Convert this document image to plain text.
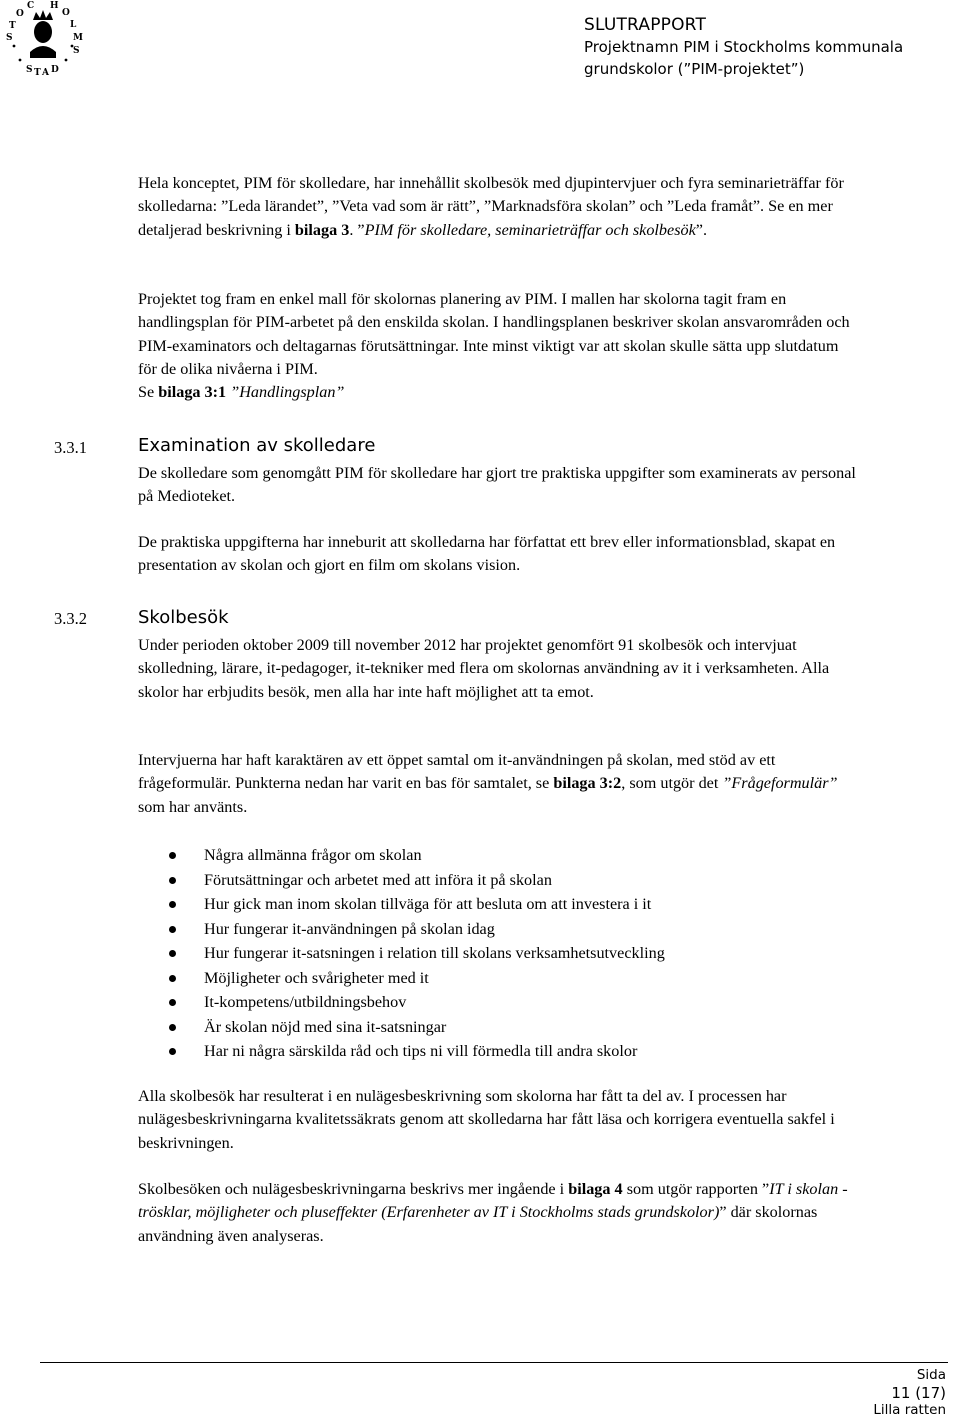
S
T
O
C H
O
L
M
S
S T A D
SLUTRAPPORT
Projektnamn PIM i Stockholms kommunala
grundskolor (”PIM-projektet”)

Hela konceptet, PIM för skolledare, har innehållit skolbesök med djupintervjuer och fyra seminarieträffar för skolledarna: ”Leda lärandet”, ”Veta vad som är rätt”, ”Marknadsföra skolan” och ”Leda framåt”. Se en mer detaljerad beskrivning i bilaga 3. ”PIM för skolledare, seminarieträffar och skolbesök”.

Projektet tog fram en enkel mall för skolornas planering av PIM. I mallen har skolorna tagit fram en handlingsplan för PIM-arbetet på den enskilda skolan. I handlingsplanen beskriver skolan ansvarområden och PIM-examinators och deltagarnas förutsättningar. Inte minst viktigt var att skolan skulle sätta upp slutdatum för de olika nivåerna i PIM.
Se bilaga 3:1 ”Handlingsplan”

3.3.1	Examination av skolledare

De skolledare som genomgått PIM för skolledare har gjort tre praktiska uppgifter som examinerats av personal på Medioteket.

De praktiska uppgifterna har inneburit att skolledarna har författat ett brev eller informationsblad, skapat en presentation av skolan och gjort en film om skolans vision.

3.3.2	Skolbesök

Under perioden oktober 2009 till november 2012 har projektet genomfört 91 skolbesök och intervjuat skolledning, lärare, it-pedagoger, it-tekniker med flera om skolornas användning av it i verksamheten. Alla skolor har erbjudits besök, men alla har inte haft möjlighet att ta emot.

Intervjuerna har haft karaktären av ett öppet samtal om it-användningen på skolan, med stöd av ett frågeformulär. Punkterna nedan har varit en bas för samtalet, se bilaga 3:2, som utgör det ”Frågeformulär” som har använts.

Några allmänna frågor om skolan
Förutsättningar och arbetet med att införa it på skolan
Hur gick man inom skolan tillväga för att besluta om att investera i it
Hur fungerar it-användningen på skolan idag
Hur fungerar it-satsningen i relation till skolans verksamhetsutveckling
Möjligheter och svårigheter med it
It-kompetens/utbildningsbehov
Är skolan nöjd med sina it-satsningar
Har ni några särskilda råd och tips ni vill förmedla till andra skolor

Alla skolbesök har resulterat i en nulägesbeskrivning som skolorna har fått ta del av. I processen har nulägesbeskrivningarna kvalitetssäkrats genom att skolledarna har fått läsa och korrigera eventuella sakfel i beskrivningen.

Skolbesöken och nulägesbeskrivningarna beskrivs mer ingående i bilaga 4 som utgör rapporten ”IT i skolan - trösklar, möjligheter och pluseffekter (Erfarenheter av IT i Stockholms stads grundskolor)” där skolornas användning även analyseras.

Sida
11 (17)
Lilla ratten
